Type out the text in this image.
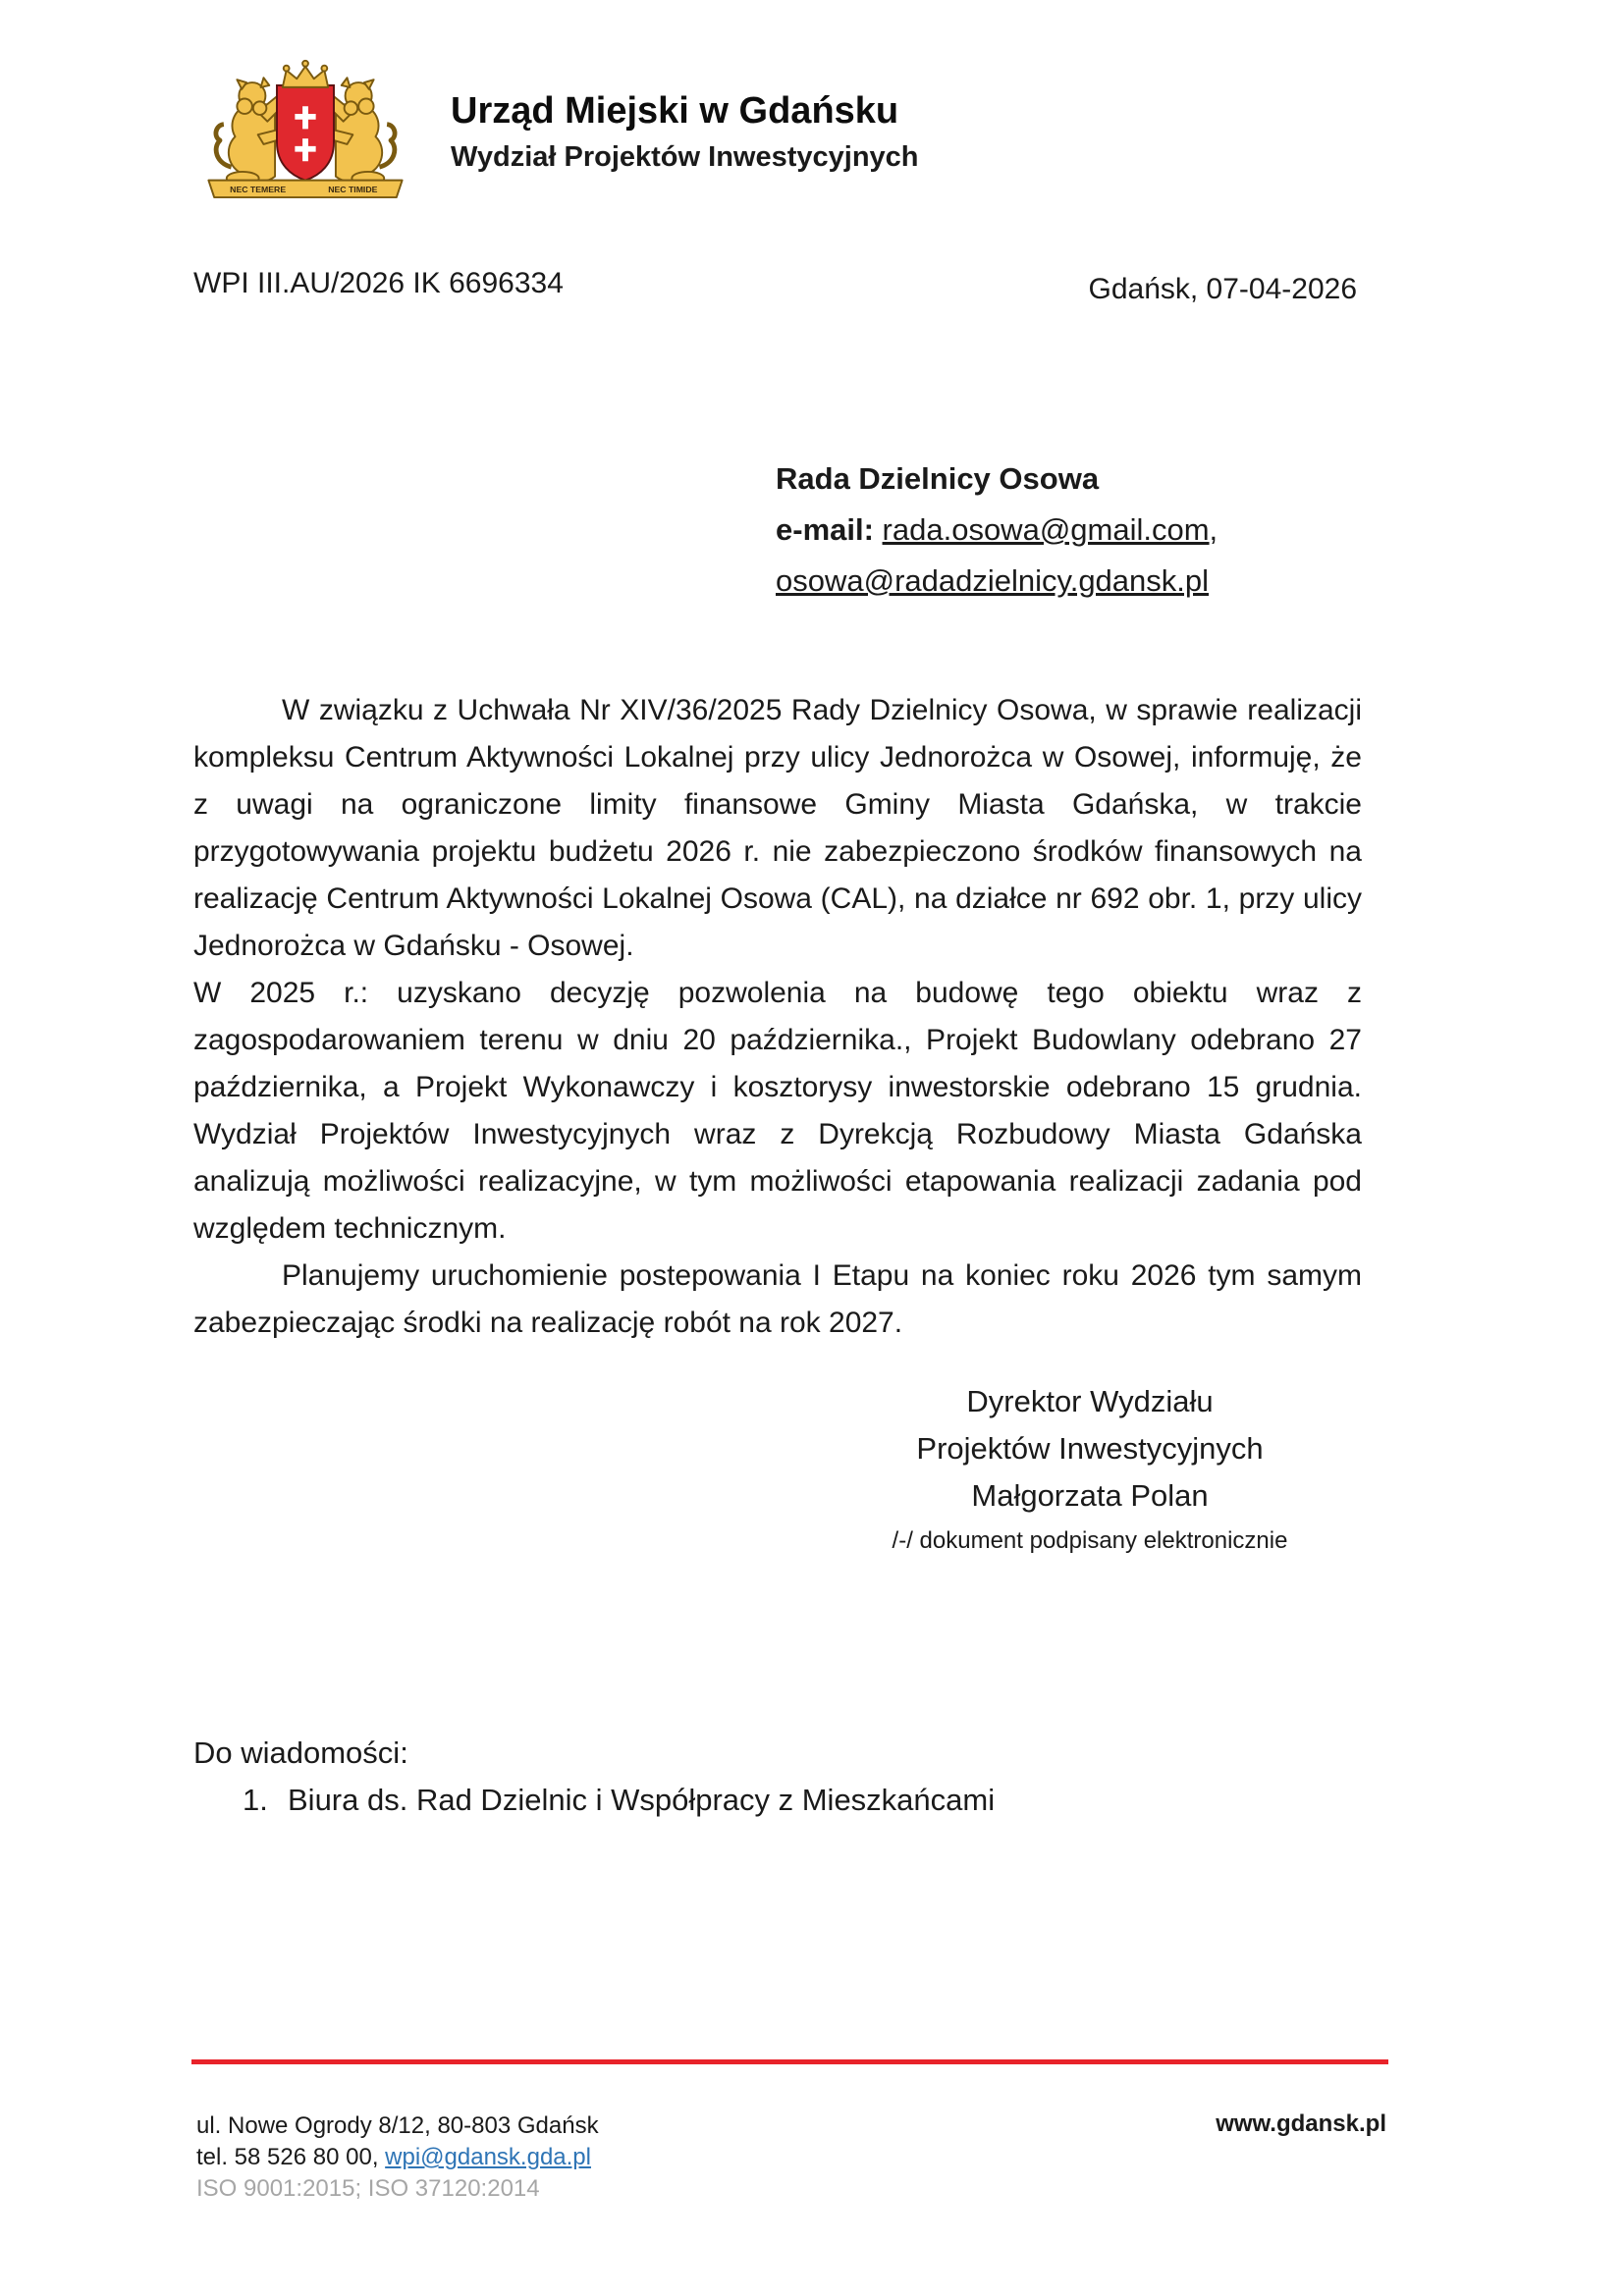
NEC TEMERE	NEC TIMIDE
Urząd Miejski w Gdańsku
Wydział Projektów Inwestycyjnych
WPI III.AU/2026 IK 6696334	Gdańsk, 07-04-2026
Rada Dzielnicy Osowa
e-mail: rada.osowa@gmail.com,
osowa@radadzielnicy.gdansk.pl

W związku z Uchwała Nr XIV/36/2025 Rady Dzielnicy Osowa, w sprawie realizacji kompleksu Centrum Aktywności Lokalnej przy ulicy Jednorożca w Osowej, informuję, że z uwagi na ograniczone limity finansowe Gminy Miasta Gdańska, w trakcie przygotowywania projektu budżetu 2026 r. nie zabezpieczono środków finansowych na realizację Centrum Aktywności Lokalnej Osowa (CAL), na działce nr 692 obr. 1, przy ulicy Jednorożca w Gdańsku - Osowej.

W 2025 r.: uzyskano decyzję pozwolenia na budowę tego obiektu wraz z zagospodarowaniem terenu w dniu 20 października., Projekt Budowlany odebrano 27 października, a Projekt Wykonawczy i kosztorysy inwestorskie odebrano 15 grudnia. Wydział Projektów Inwestycyjnych wraz z Dyrekcją Rozbudowy Miasta Gdańska analizują możliwości realizacyjne, w tym możliwości etapowania realizacji zadania pod względem technicznym.

Planujemy uruchomienie postepowania I Etapu na koniec roku 2026 tym samym zabezpieczając środki na realizację robót na rok 2027.

Dyrektor Wydziału
Projektów Inwestycyjnych
Małgorzata Polan
/-/ dokument podpisany elektronicznie
Do wiadomości:
1. Biura ds. Rad Dzielnic i Współpracy z Mieszkańcami
ul. Nowe Ogrody 8/12, 80-803 Gdańsk
tel. 58 526 80 00, wpi@gdansk.gda.pl
ISO 9001:2015; ISO 37120:2014
www.gdansk.pl
